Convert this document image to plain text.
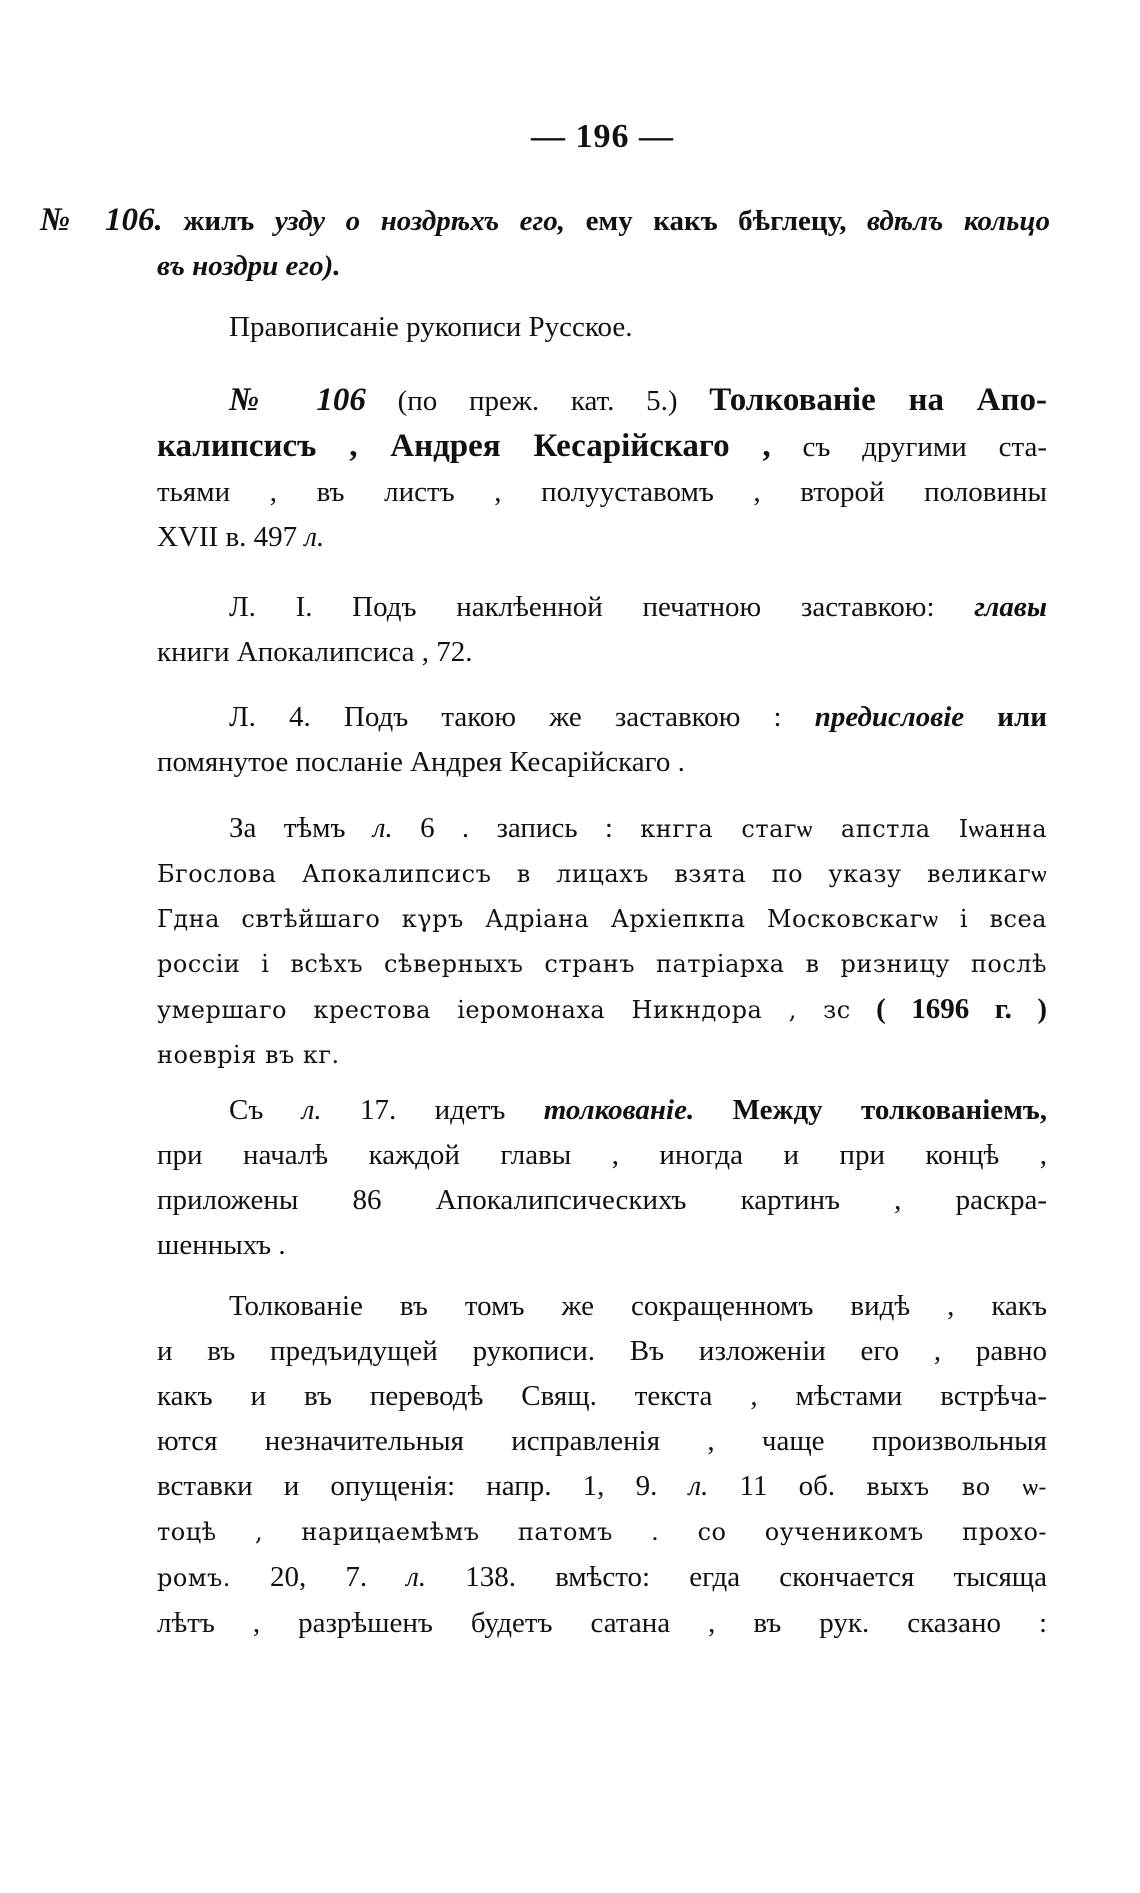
— 196 —
№ 106. жилъ узду о ноздрѣхъ его, ему какъ бѣглецу, вдѣлъ кольцо
въ ноздри его).
Правописаніе рукописи Русское.
№ 106 (по преж. кат. 5.) Толкованіе на Апо-
калипсисъ , Андрея Кесарійскаго , съ другими ста-
тьями , въ листъ , полууставомъ , второй половины
XVII в. 497 л.
Л. I. Подъ наклѣенной печатною заставкою: главы
книги Апокалипсиса , 72.
Л. 4. Подъ такою же заставкою : предисловіе или
помянутое посланіе Андрея Кесарійскаго .
За тѣмъ л. 6 . запись : кнгга стагѡ апстла Іѡанна
Бгослова Апокалипсисъ в лицахъ взята по указу великагѡ
Гдна свтѣйшаго кγръ Адріана Архіепкпа Московскагѡ і всеа
россіи і всѣхъ сѣверныхъ странъ патріарха в ризницу послѣ
умершаго крестова іеромонаха Никндора , зс ( 1696 г. )
ноеврія въ кг.
Съ л. 17. идетъ толкованіе. Между толкованіемъ,
при началѣ каждой главы , иногда и при концѣ ,
приложены 86 Апокалипсическихъ картинъ , раскра-
шенныхъ .
Толкованіе въ томъ же сокращенномъ видѣ , какъ
и въ предъидущей рукописи. Въ изложеніи его , равно
какъ и въ переводѣ Свящ. текста , мѣстами встрѣча-
ются незначительныя исправленія , чаще произвольныя
вставки и опущенія: напр. 1, 9. л. 11 об. выхъ во ѡ-
тоцѣ , нарицаемѣмъ патомъ . со оученикомъ прохо-
ромъ. 20, 7. л. 138. вмѣсто: егда скончается тысяща
лѣтъ , разрѣшенъ будетъ сатана , въ рук. сказано :
